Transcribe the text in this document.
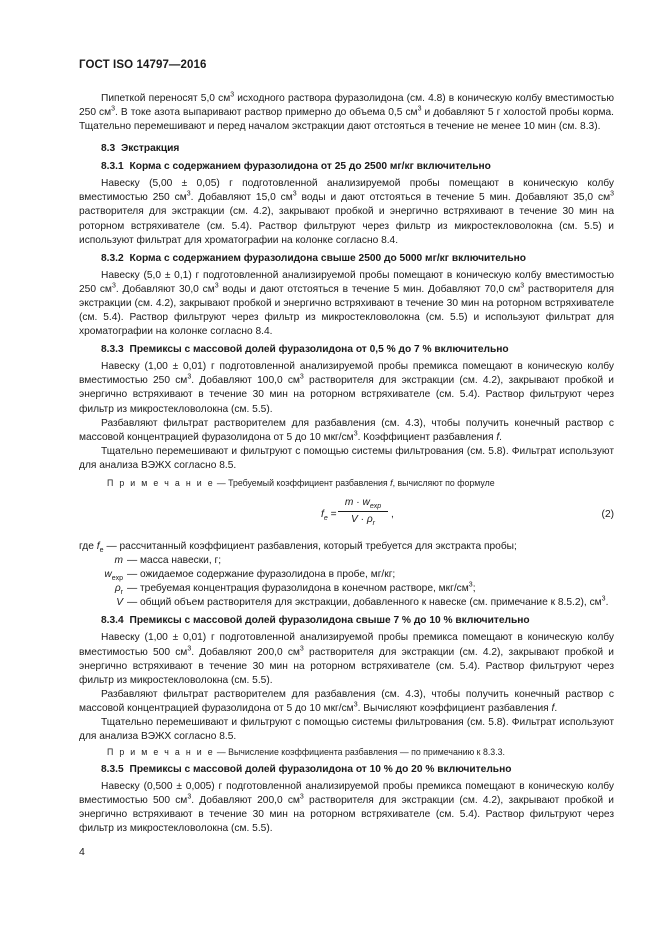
ГОСТ ISO 14797—2016

Пипеткой переносят 5,0 $см^3$ исходного раствора фуразолидона (см. 4.8) в коническую колбу вместимостью 250 $см^3$. В токе азота выпаривают раствор примерно до объема 0,5 $см^3$ и добавляют 5 г холостой пробы корма. Тщательно перемешивают и перед началом экстракции дают отстояться в течение не менее 10 мин (см. 8.3).

8.3 Экстракция
8.3.1 Корма с содержанием фуразолидона от 25 до 2500 мг/кг включительно

Навеску (5,00 ± 0,05) г подготовленной анализируемой пробы помещают в коническую колбу вместимостью 250 $см^3$. Добавляют 15,0 $см^3$ воды и дают отстояться в течение 5 мин. Добавляют 35,0 $см^3$ растворителя для экстракции (см. 4.2), закрывают пробкой и энергично встряхивают в течение 30 мин на роторном встряхивателе (см. 5.4). Раствор фильтруют через фильтр из микростекловолокна (см. 5.5) и используют фильтрат для хроматографии на колонке согласно 8.4.

8.3.2 Корма с содержанием фуразолидона свыше 2500 до 5000 мг/кг включительно

Навеску (5,0 ± 0,1) г подготовленной анализируемой пробы помещают в коническую колбу вместимостью 250 $см^3$. Добавляют 30,0 $см^3$ воды и дают отстояться в течение 5 мин. Добавляют 70,0 $см^3$ растворителя для экстракции (см. 4.2), закрывают пробкой и энергично встряхивают в течение 30 мин на роторном встряхивателе (см. 5.4). Раствор фильтруют через фильтр из микростекловолокна (см. 5.5) и используют фильтрат для хроматографии на колонке согласно 8.4.

8.3.3 Премиксы с массовой долей фуразолидона от 0,5 % до 7 % включительно

Навеску (1,00 ± 0,01) г подготовленной анализируемой пробы премикса помещают в коническую колбу вместимостью 250 $см^3$. Добавляют 100,0 $см^3$ растворителя для экстракции (см. 4.2), закрывают пробкой и энергично встряхивают в течение 30 мин на роторном встряхивателе (см. 5.4). Раствор фильтруют через фильтр из микростекловолокна (см. 5.5).

Разбавляют фильтрат растворителем для разбавления (см. 4.3), чтобы получить конечный раствор с массовой концентрацией фуразолидона от 5 до 10 мкг/$см^3$. Коэффициент разбавления f.

Тщательно перемешивают и фильтруют с помощью системы фильтрования (см. 5.8). Фильтрат используют для анализа ВЭЖХ согласно 8.5.

П р и м е ч а н и е — Требуемый коэффициент разбавления f, вычисляют по формуле
$f_e = \frac{m \cdot w_{exp}}{V \cdot \rho_r}$ ,	(2)
где $f_e$ — рассчитанный коэффициент разбавления, который требуется для экстракта пробы;
m — масса навески, г;
$w_{exp}$ — ожидаемое содержание фуразолидона в пробе, мг/кг;
$\rho_r$ — требуемая концентрация фуразолидона в конечном растворе, мкг/$см^3$;
V — общий объем растворителя для экстракции, добавленного к навеске (см. примечание к 8.5.2), $см^3$.
8.3.4 Премиксы с массовой долей фуразолидона свыше 7 % до 10 % включительно

Навеску (1,00 ± 0,01) г подготовленной анализируемой пробы премикса помещают в коническую колбу вместимостью 500 $см^3$. Добавляют 200,0 $см^3$ растворителя для экстракции (см. 4.2), закрывают пробкой и энергично встряхивают в течение 30 мин на роторном встряхивателе (см. 5.4). Раствор фильтруют через фильтр из микростекловолокна (см. 5.5).

Разбавляют фильтрат растворителем для разбавления (см. 4.3), чтобы получить конечный раствор с массовой концентрацией фуразолидона от 5 до 10 мкг/$см^3$. Вычисляют коэффициент разбавления f.

Тщательно перемешивают и фильтруют с помощью системы фильтрования (см. 5.8). Фильтрат используют для анализа ВЭЖХ согласно 8.5.

П р и м е ч а н и е — Вычисление коэффициента разбавления — по примечанию к 8.3.3.
8.3.5 Премиксы с массовой долей фуразолидона от 10 % до 20 % включительно

Навеску (0,500 ± 0,005) г подготовленной анализируемой пробы премикса помещают в коническую колбу вместимостью 500 $см^3$. Добавляют 200,0 $см^3$ растворителя для экстракции (см. 4.2), закрывают пробкой и энергично встряхивают в течение 30 мин на роторном встряхивателе (см. 5.4). Раствор фильтруют через фильтр из микростекловолокна (см. 5.5).

4
